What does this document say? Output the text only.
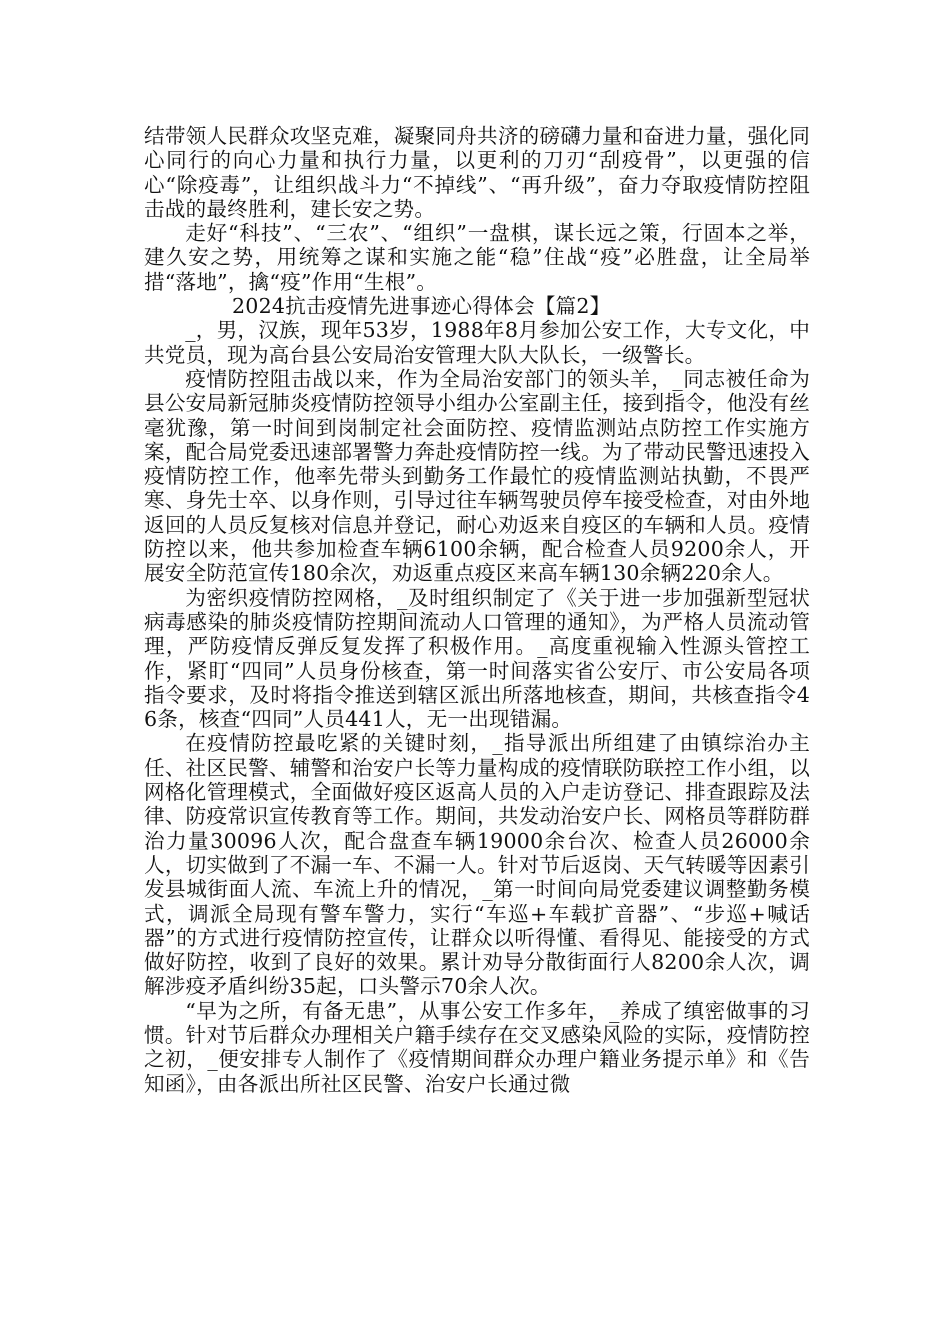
结带领人民群众攻坚克难，凝聚同舟共济的磅礴力量和奋进力量，强化同心同行的向心力量和执行力量，以更利的刀刃“刮疫骨”，以更强的信心“除疫毒”，让组织战斗力“不掉线”、“再升级”，奋力夺取疫情防控阻击战的最终胜利，建长安之势。

走好“科技”、“三农”、“组织”一盘棋，谋长远之策，行固本之举，建久安之势，用统筹之谋和实施之能“稳”住战“疫”必胜盘，让全局举措“落地”，擒“疫”作用“生根”。

2024抗击疫情先进事迹心得体会【篇2】

_，男，汉族，现年53岁，1988年8月参加公安工作，大专文化，中共党员，现为高台县公安局治安管理大队大队长，一级警长。

疫情防控阻击战以来，作为全局治安部门的领头羊，_同志被任命为县公安局新冠肺炎疫情防控领导小组办公室副主任，接到指令，他没有丝毫犹豫，第一时间到岗制定社会面防控、疫情监测站点防控工作实施方案，配合局党委迅速部署警力奔赴疫情防控一线。为了带动民警迅速投入疫情防控工作，他率先带头到勤务工作最忙的疫情监测站执勤，不畏严寒、身先士卒、以身作则，引导过往车辆驾驶员停车接受检查，对由外地返回的人员反复核对信息并登记，耐心劝返来自疫区的车辆和人员。疫情防控以来，他共参加检查车辆6100余辆，配合检查人员9200余人，开展安全防范宣传180余次，劝返重点疫区来高车辆130余辆220余人。

为密织疫情防控网格，_及时组织制定了《关于进一步加强新型冠状病毒感染的肺炎疫情防控期间流动人口管理的通知》，为严格人员流动管理，严防疫情反弹反复发挥了积极作用。_高度重视输入性源头管控工作，紧盯“四同”人员身份核查，第一时间落实省公安厅、市公安局各项指令要求，及时将指令推送到辖区派出所落地核查，期间，共核查指令46条，核查“四同”人员441人，无一出现错漏。

在疫情防控最吃紧的关键时刻，_指导派出所组建了由镇综治办主任、社区民警、辅警和治安户长等力量构成的疫情联防联控工作小组，以网格化管理模式，全面做好疫区返高人员的入户走访登记、排查跟踪及法律、防疫常识宣传教育等工作。期间，共发动治安户长、网格员等群防群治力量30096人次，配合盘查车辆19000余台次、检查人员26000余人，切实做到了不漏一车、不漏一人。针对节后返岗、天气转暖等因素引发县城街面人流、车流上升的情况，_第一时间向局党委建议调整勤务模式，调派全局现有警车警力，实行“车巡+车载扩音器”、“步巡+喊话器”的方式进行疫情防控宣传，让群众以听得懂、看得见、能接受的方式做好防控，收到了良好的效果。累计劝导分散街面行人8200余人次，调解涉疫矛盾纠纷35起，口头警示70余人次。

“早为之所，有备无患”，从事公安工作多年，_养成了缜密做事的习惯。针对节后群众办理相关户籍手续存在交叉感染风险的实际，疫情防控之初，_便安排专人制作了《疫情期间群众办理户籍业务提示单》和《告知函》，由各派出所社区民警、治安户长通过微
